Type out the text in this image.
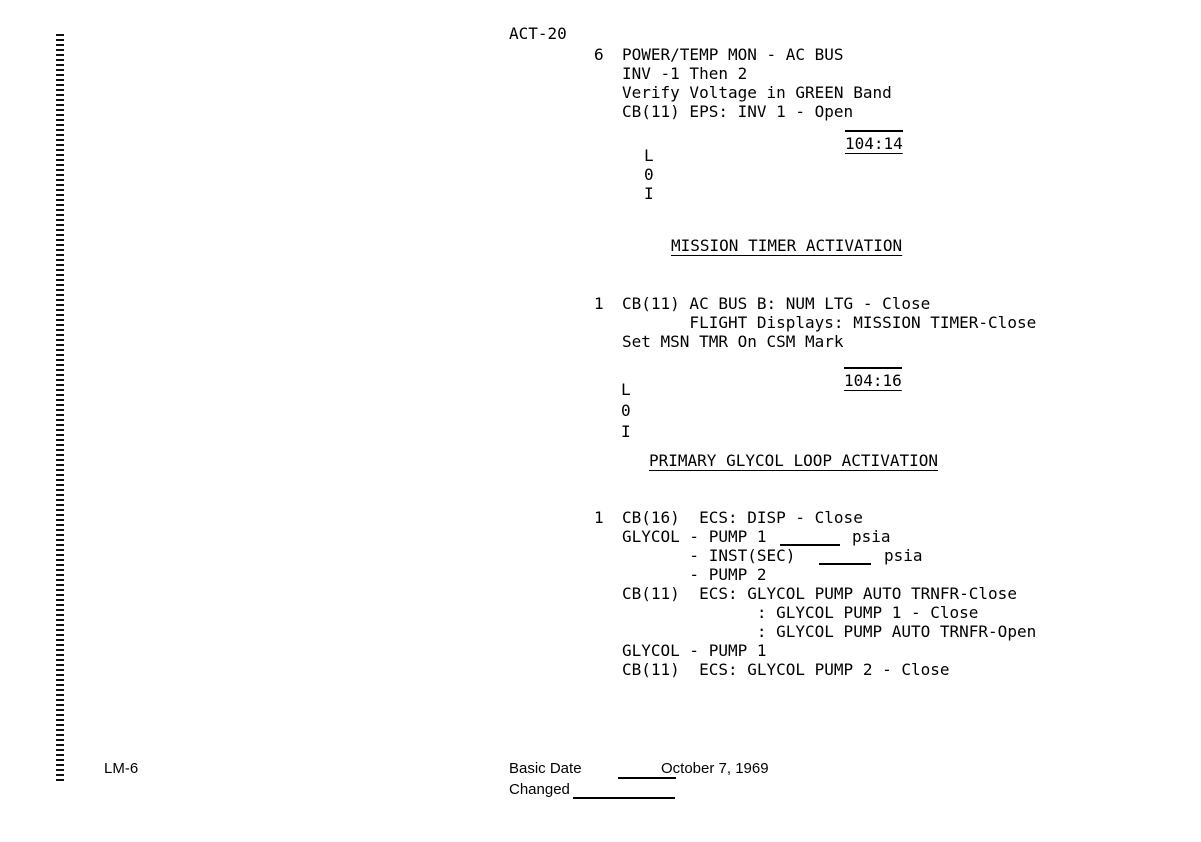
ACT-20
6 POWER/TEMP MON - AC BUS
INV -1 Then 2
Verify Voltage in GREEN Band
CB(11) EPS: INV 1 - Open
L
0
I
104:14
MISSION TIMER ACTIVATION
1 CB(11) AC BUS B: NUM LTG - Close
FLIGHT Displays: MISSION TIMER-Close
Set MSN TMR On CSM Mark
L
0
I
104:16
PRIMARY GLYCOL LOOP ACTIVATION
1 CB(16)  ECS: DISP - Close
GLYCOL - PUMP 1	psia
- INST(SEC)	psia
- PUMP 2
CB(11)  ECS: GLYCOL PUMP AUTO TRNFR-Close
: GLYCOL PUMP 1 - Close
: GLYCOL PUMP AUTO TRNFR-Open
GLYCOL - PUMP 1
CB(11)  ECS: GLYCOL PUMP 2 - Close
LM-6	Basic Date	October 7, 1969
Changed
